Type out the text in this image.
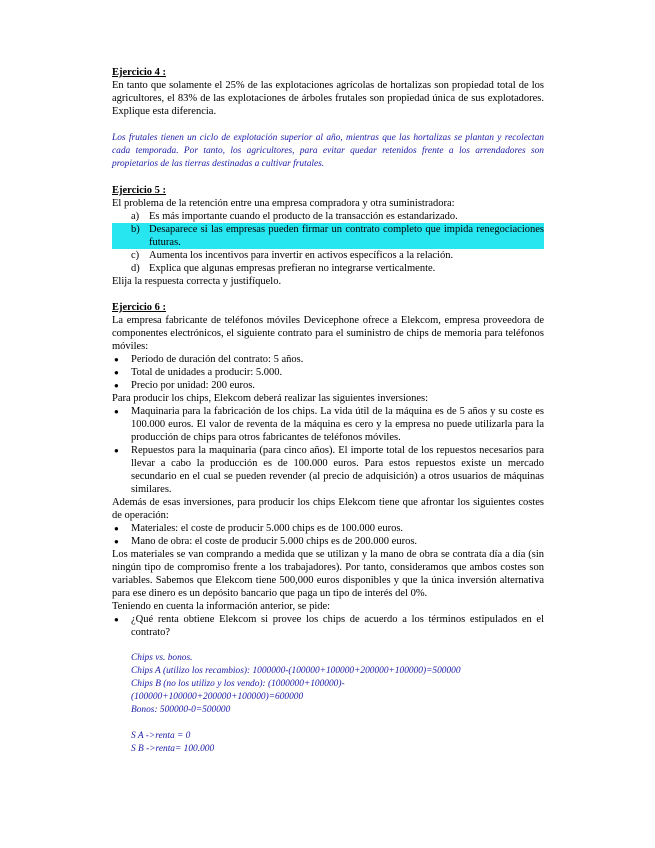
Ejercicio 4 :

En tanto que solamente el 25% de las explotaciones agrícolas de hortalizas son propiedad total de los agricultores, el 83% de las explotaciones de árboles frutales son propiedad única de sus explotadores. Explique esta diferencia.

Los frutales tienen un ciclo de explotación superior al año, mientras que las hortalizas se plantan y recolectan cada temporada. Por tanto, los agricultores, para evitar quedar retenidos frente a los arrendadores son propietarios de las tierras destinadas a cultivar frutales.

Ejercicio 5 :

El problema de la retención entre una empresa compradora y otra suministradora:

a) Es más importante cuando el producto de la transacción es estandarizado.
b) Desaparece si las empresas pueden firmar un contrato completo que impida renegociaciones futuras.
c) Aumenta los incentivos para invertir en activos específicos a la relación.
d) Explica que algunas empresas prefieran no integrarse verticalmente.

Elija la respuesta correcta y justifíquelo.

Ejercicio 6 :

La empresa fabricante de teléfonos móviles Devicephone ofrece a Elekcom, empresa proveedora de componentes electrónicos, el siguiente contrato para el suministro de chips de memoria para teléfonos móviles:

● Período de duración del contrato: 5 años.
● Total de unidades a producir: 5.000.
● Precio por unidad: 200 euros.

Para producir los chips, Elekcom deberá realizar las siguientes inversiones:

● Maquinaria para la fabricación de los chips. La vida útil de la máquina es de 5 años y su coste es 100.000 euros. El valor de reventa de la máquina es cero y la empresa no puede utilizarla para la producción de chips para otros fabricantes de teléfonos móviles.
● Repuestos para la maquinaria (para cinco años). El importe total de los repuestos necesarios para llevar a cabo la producción es de 100.000 euros. Para estos repuestos existe un mercado secundario en el cual se pueden revender (al precio de adquisición) a otros usuarios de máquinas similares.

Además de esas inversiones, para producir los chips Elekcom tiene que afrontar los siguientes costes de operación:

● Materiales: el coste de producir 5.000 chips es de 100.000 euros.
● Mano de obra: el coste de producir 5.000 chips es de 200.000 euros.

Los materiales se van comprando a medida que se utilizan y la mano de obra se contrata día a día (sin ningún tipo de compromiso frente a los trabajadores). Por tanto, consideramos que ambos costes son variables. Sabemos que Elekcom tiene 500,000 euros disponibles y que la única inversión alternativa para ese dinero es un depósito bancario que paga un tipo de interés del 0%.

Teniendo en cuenta la información anterior, se pide:

● ¿Qué renta obtiene Elekcom si provee los chips de acuerdo a los términos estipulados en el contrato?

Chips vs. bonos.

Chips A (utilizo los recambios): 1000000-(100000+100000+200000+100000)=500000

Chips B (no los utilizo y los vendo): (1000000+100000)-

(100000+100000+200000+100000)=600000

Bonos: 500000-0=500000

S A ->renta = 0

S B ->renta= 100.000
